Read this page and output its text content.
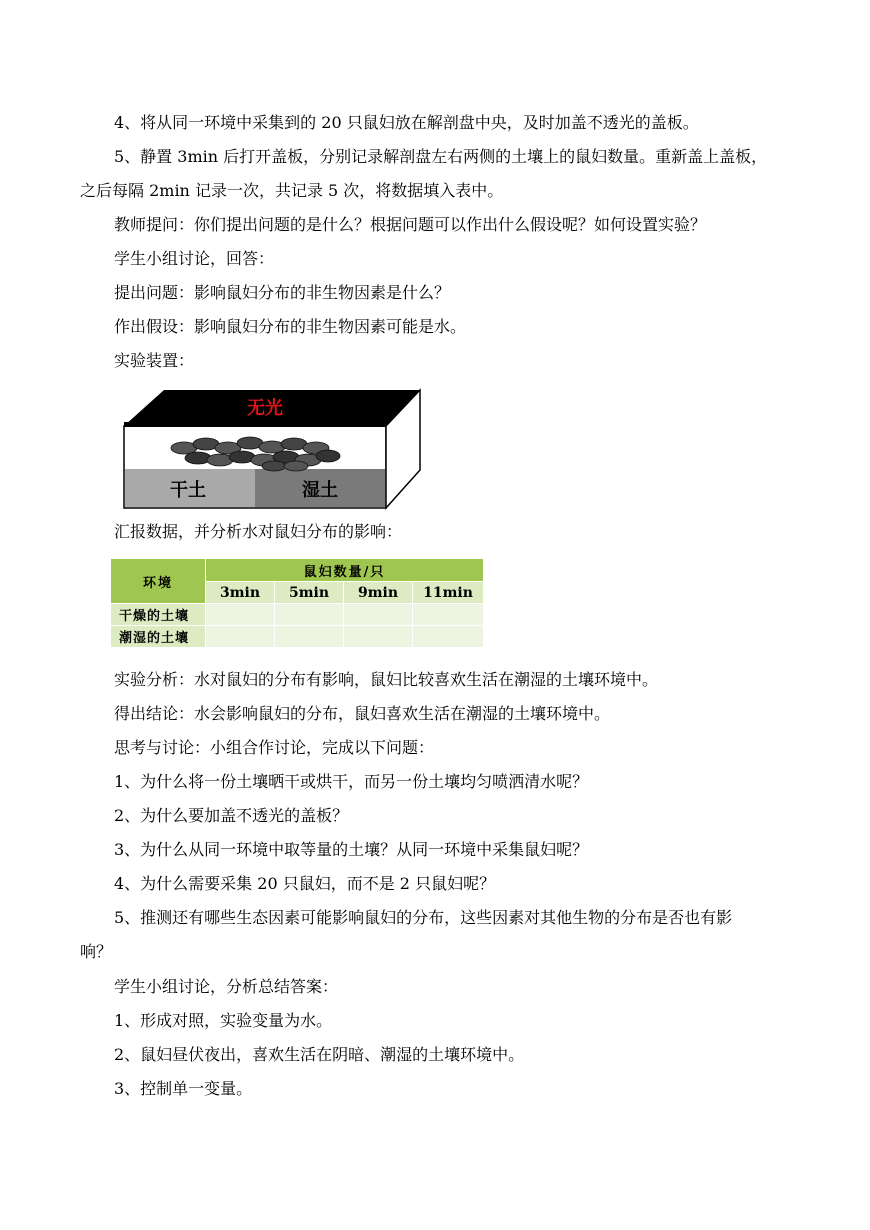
4、将从同一环境中采集到的 20 只鼠妇放在解剖盘中央，及时加盖不透光的盖板。
5、静置 3min 后打开盖板，分别记录解剖盘左右两侧的土壤上的鼠妇数量。重新盖上盖板，
之后每隔 2min 记录一次，共记录 5 次，将数据填入表中。
教师提问：你们提出问题的是什么？根据问题可以作出什么假设呢？如何设置实验？
学生小组讨论，回答：
提出问题：影响鼠妇分布的非生物因素是什么？
作出假设：影响鼠妇分布的非生物因素可能是水。
实验装置：
无光
干土	湿土
汇报数据，并分析水对鼠妇分布的影响：
环境	鼠妇数量/只			
	3min	5min	9min	11min
干燥的土壤				
潮湿的土壤				
实验分析：水对鼠妇的分布有影响，鼠妇比较喜欢生活在潮湿的土壤环境中。
得出结论：水会影响鼠妇的分布，鼠妇喜欢生活在潮湿的土壤环境中。
思考与讨论：小组合作讨论，完成以下问题：
1、为什么将一份土壤晒干或烘干，而另一份土壤均匀喷洒清水呢？
2、为什么要加盖不透光的盖板？
3、为什么从同一环境中取等量的土壤？从同一环境中采集鼠妇呢？
4、为什么需要采集 20 只鼠妇，而不是 2 只鼠妇呢？
5、推测还有哪些生态因素可能影响鼠妇的分布，这些因素对其他生物的分布是否也有影
响？
学生小组讨论，分析总结答案：
1、形成对照，实验变量为水。
2、鼠妇昼伏夜出，喜欢生活在阴暗、潮湿的土壤环境中。
3、控制单一变量。
